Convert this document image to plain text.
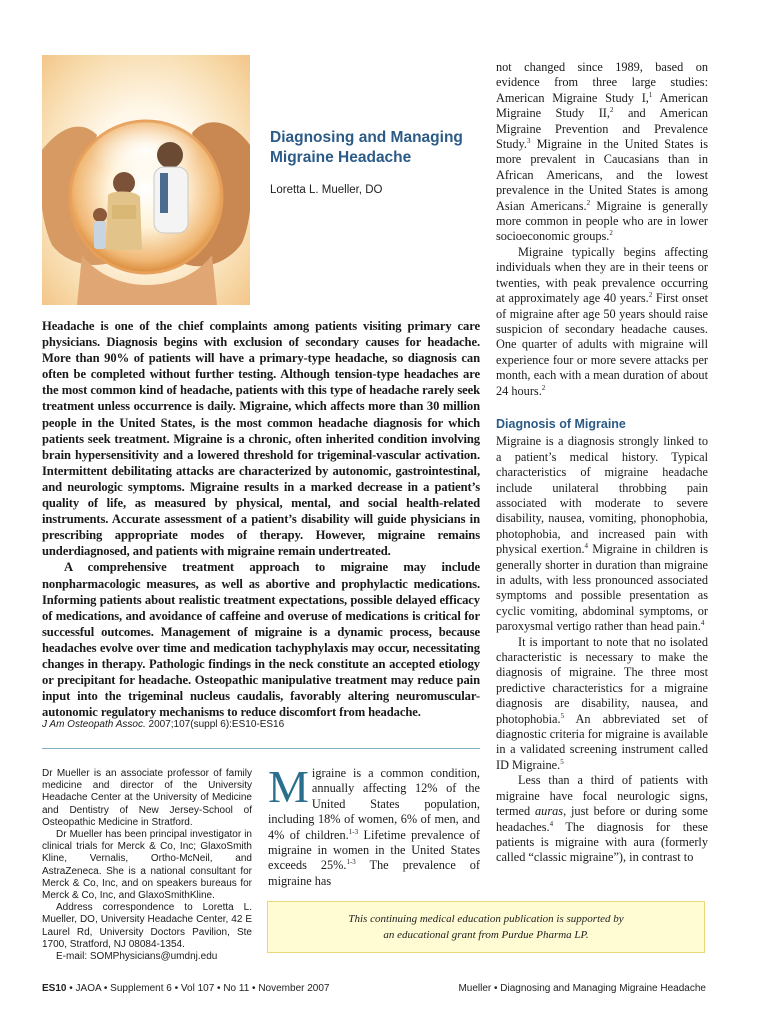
Diagnosing and Managing
Migraine Headache
Loretta L. Mueller, DO

Headache is one of the chief complaints among patients visiting primary care physicians. Diagnosis begins with exclusion of secondary causes for headache. More than 90% of patients will have a primary-type headache, so diagnosis can often be completed without further testing. Although tension-type headaches are the most common kind of headache, patients with this type of headache rarely seek treatment unless occurrence is daily. Migraine, which affects more than 30 million people in the United States, is the most common headache diagnosis for which patients seek treatment. Migraine is a chronic, often inherited condition involving brain hypersensitivity and a lowered threshold for trigeminal-vascular activation. Intermittent debilitating attacks are characterized by autonomic, gastrointestinal, and neurologic symptoms. Migraine results in a marked decrease in a patient’s quality of life, as measured by physical, mental, and social health-related instruments. Accurate assessment of a patient’s disability will guide physicians in prescribing appropriate modes of therapy. However, migraine remains underdiagnosed, and patients with migraine remain undertreated.

A comprehensive treatment approach to migraine may include nonpharmacologic measures, as well as abortive and prophylactic medications. Informing patients about realistic treatment expectations, possible delayed efficacy of medications, and avoidance of caffeine and overuse of medications is critical for successful outcomes. Management of migraine is a dynamic process, because headaches evolve over time and medication tachyphylaxis may occur, necessitating changes in therapy. Pathologic findings in the neck constitute an accepted etiology or precipitant for headache. Osteopathic manipulative treatment may reduce pain input into the trigeminal nucleus caudalis, favorably altering neuromuscular-autonomic regulatory mechanisms to reduce discomfort from headache.

J Am Osteopath Assoc. 2007;107(suppl 6):ES10-ES16

Dr Mueller is an associate professor of family medicine and director of the University Headache Center at the University of Medicine and Dentistry of New Jersey-School of Osteopathic Medicine in Stratford.

Dr Mueller has been principal investigator in clinical trials for Merck & Co, Inc; GlaxoSmith Kline, Vernalis, Ortho-McNeil, and AstraZeneca. She is a national consultant for Merck & Co, Inc, and on speakers bureaus for Merck & Co, Inc, and GlaxoSmithKline.

Address correspondence to Loretta L. Mueller, DO, University Headache Center, 42 E Laurel Rd, University Doctors Pavilion, Ste 1700, Stratford, NJ 08084-1354.

E-mail: SOMPhysicians@umdnj.edu

Migraine is a common condition, annually affecting 12% of the United States population, including 18% of women, 6% of men, and 4% of children.$^{1-3}$ Lifetime prevalence of migraine in women in the United States exceeds 25%.$^{1-3}$ The prevalence of migraine has

not changed since 1989, based on evidence from three large studies: American Migraine Study I,$^1$ American Migraine Study II,$^2$ and American Migraine Prevention and Prevalence Study.$^3$ Migraine in the United States is more prevalent in Caucasians than in African Americans, and the lowest prevalence in the United States is among Asian Americans.$^2$ Migraine is generally more common in people who are in lower socioeconomic groups.$^2$

Migraine typically begins affecting individuals when they are in their teens or twenties, with peak prevalence occurring at approximately age 40 years.$^2$ First onset of migraine after age 50 years should raise suspicion of secondary headache causes. One quarter of adults with migraine will experience four or more severe attacks per month, each with a mean duration of about 24 hours.$^2$

Diagnosis of Migraine

Migraine is a diagnosis strongly linked to a patient’s medical history. Typical characteristics of migraine headache include unilateral throbbing pain associated with moderate to severe disability, nausea, vomiting, phonophobia, photophobia, and increased pain with physical exertion.$^4$ Migraine in children is generally shorter in duration than migraine in adults, with less pronounced associated symptoms and possible presentation as cyclic vomiting, abdominal symptoms, or paroxysmal vertigo rather than head pain.$^4$

It is important to note that no isolated characteristic is necessary to make the diagnosis of migraine. The three most predictive characteristics for a migraine diagnosis are disability, nausea, and photophobia.$^5$ An abbreviated set of diagnostic criteria for migraine is available in a validated screening instrument called ID Migraine.$^5$

Less than a third of patients with migraine have focal neurologic signs, termed auras, just before or during some headaches.$^4$ The diagnosis for these patients is migraine with aura (formerly called “classic migraine”), in contrast to

This continuing medical education publication is supported by
an educational grant from Purdue Pharma LP.
ES10 • JAOA • Supplement 6 • Vol 107 • No 11 • November 2007	Mueller • Diagnosing and Managing Migraine Headache
